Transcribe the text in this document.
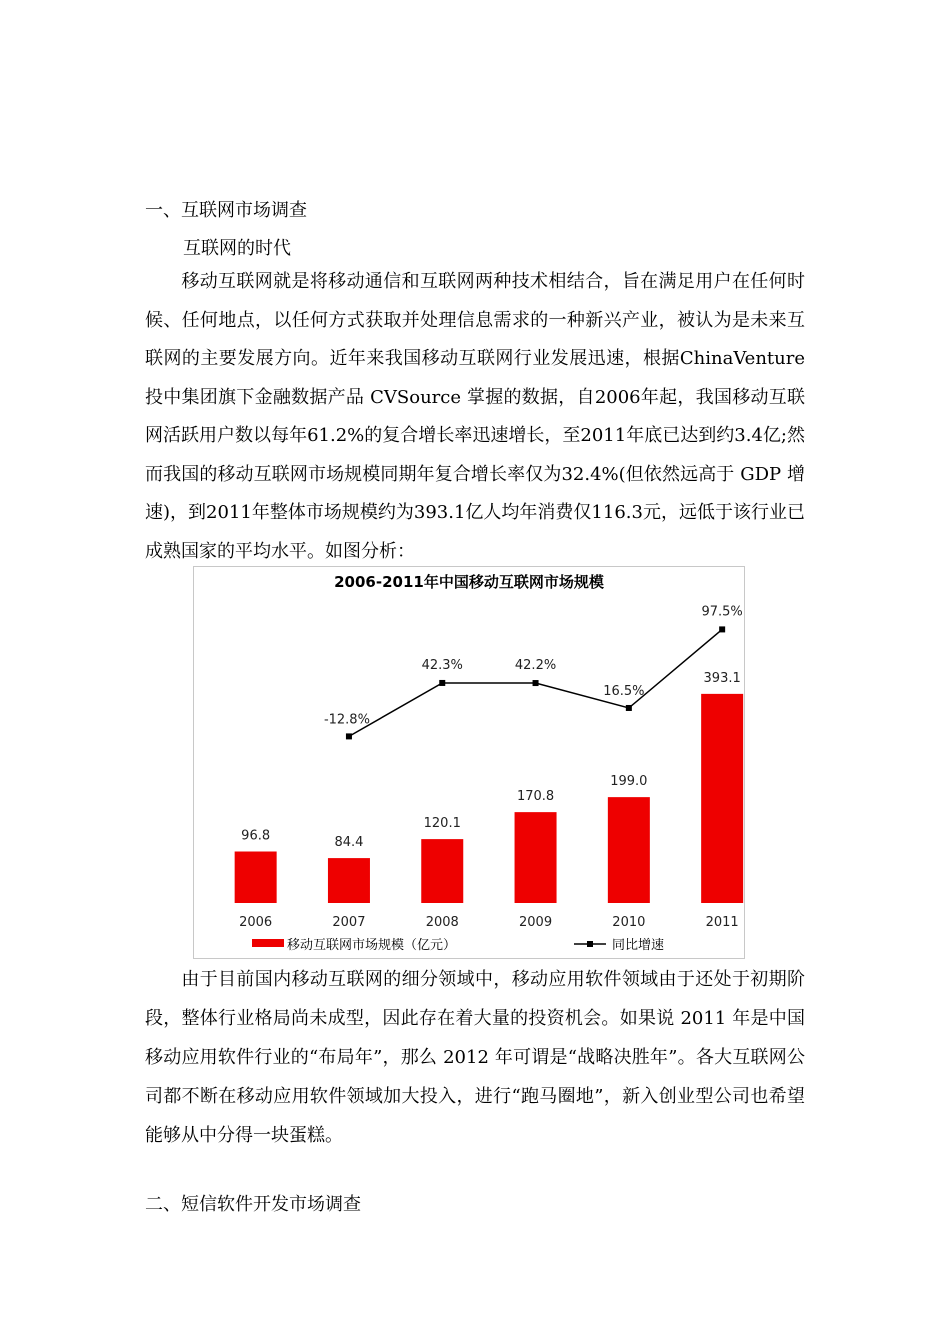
一、互联网市场调查
互联网的时代

移动互联网就是将移动通信和互联网两种技术相结合，旨在满足用户在任何时候、任何地点，以任何方式获取并处理信息需求的一种新兴产业，被认为是未来互联网的主要发展方向。近年来我国移动互联网行业发展迅速，根据ChinaVenture 投中集团旗下金融数据产品 CVSource 掌握的数据，自2006年起，我国移动互联网活跃用户数以每年61.2%的复合增长率迅速增长，至2011年底已达到约3.4亿;然而我国的移动互联网市场规模同期年复合增长率仅为32.4%(但依然远高于 GDP 增速)，到2011年整体市场规模约为393.1亿人均年消费仅116.3元，远低于该行业已成熟国家的平均水平。如图分析：

2006-2011年中国移动互联网市场规模
96.8
2006
84.4
2007
120.1
2008
170.8
2009
199.0
2010
393.1
2011
-12.8%
42.3%	42.2%
16.5%
97.5%
移动互联网市场规模（亿元）	同比增速

由于目前国内移动互联网的细分领域中，移动应用软件领域由于还处于初期阶段，整体行业格局尚未成型，因此存在着大量的投资机会。如果说 2011 年是中国移动应用软件行业的“布局年”，那么 2012 年可谓是“战略决胜年”。各大互联网公司都不断在移动应用软件领域加大投入，进行“跑马圈地”，新入创业型公司也希望能够从中分得一块蛋糕。

二、短信软件开发市场调查
